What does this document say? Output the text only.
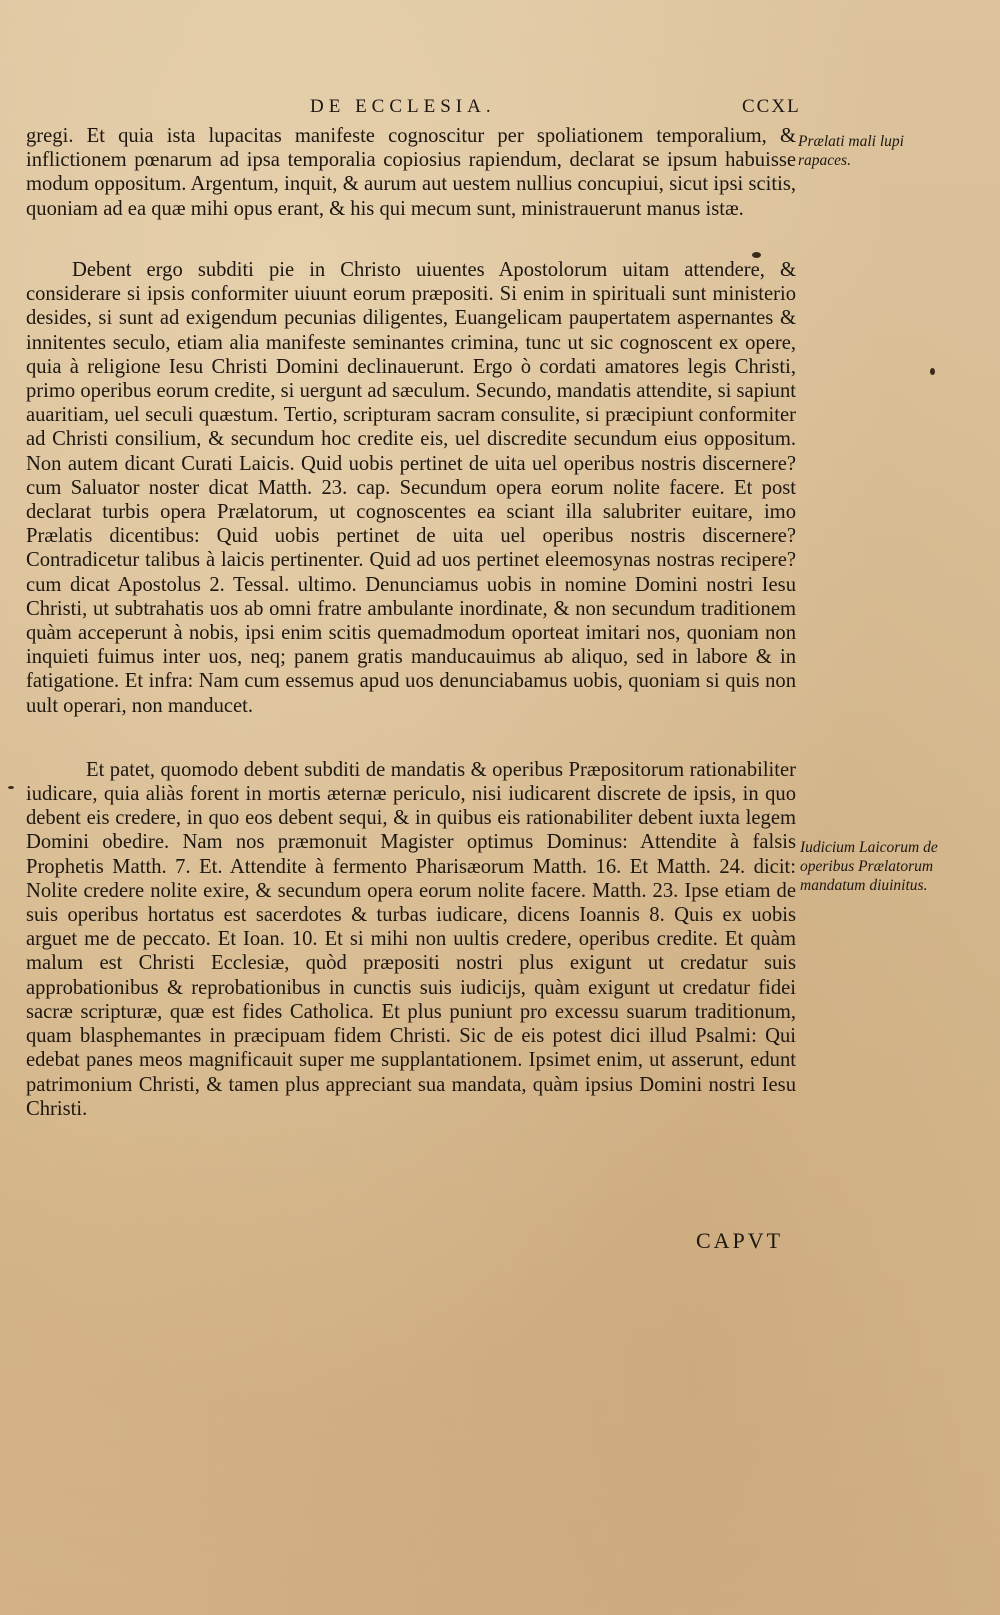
DE ECCLESIA.	CCXL

gregi. Et quia ista lupacitas manifeste cognoscitur per spoliationem temporalium, & inflictionem pœnarum ad ipsa temporalia copiosius rapiendum, declarat se ipsum habuisse modum oppositum. Argentum, inquit, & aurum aut uestem nullius concupiui, sicut ipsi scitis, quoniam ad ea quæ mihi opus erant, & his qui mecum sunt, ministrauerunt manus istæ.

Debent ergo subditi pie in Christo uiuentes Apostolorum uitam attendere, & considerare si ipsis conformiter uiuunt eorum præpositi. Si enim in spirituali sunt ministerio desides, si sunt ad exigendum pecunias diligentes, Euangelicam paupertatem aspernantes & innitentes seculo, etiam alia manifeste seminantes crimina, tunc ut sic cognoscent ex opere, quia à religione Iesu Christi Domini declinauerunt. Ergo ò cordati amatores legis Christi, primo operibus eorum credite, si uergunt ad sæculum. Secundo, mandatis attendite, si sapiunt auaritiam, uel seculi quæstum. Tertio, scripturam sacram consulite, si præcipiunt conformiter ad Christi consilium, & secundum hoc credite eis, uel discredite secundum eius oppositum. Non autem dicant Curati Laicis. Quid uobis pertinet de uita uel operibus nostris discernere? cum Saluator noster dicat Matth. 23. cap. Secundum opera eorum nolite facere. Et post declarat turbis opera Prælatorum, ut cognoscentes ea sciant illa salubriter euitare, imo Prælatis dicentibus: Quid uobis pertinet de uita uel operibus nostris discernere? Contradicetur talibus à laicis pertinenter. Quid ad uos pertinet eleemosynas nostras recipere? cum dicat Apostolus 2. Tessal. ultimo. Denunciamus uobis in nomine Domini nostri Iesu Christi, ut subtrahatis uos ab omni fratre ambulante inordinate, & non secundum traditionem quàm acceperunt à nobis, ipsi enim scitis quemadmodum oporteat imitari nos, quoniam non inquieti fuimus inter uos, neq; panem gratis manducauimus ab aliquo, sed in labore & in fatigatione. Et infra: Nam cum essemus apud uos denunciabamus uobis, quoniam si quis non uult operari, non manducet.

Et patet, quomodo debent subditi de mandatis & operibus Præpositorum rationabiliter iudicare, quia aliàs forent in mortis æternæ periculo, nisi iudicarent discrete de ipsis, in quo debent eis credere, in quo eos debent sequi, & in quibus eis rationabiliter debent iuxta legem Domini obedire. Nam nos præmonuit Magister optimus Dominus: Attendite à falsis Prophetis Matth. 7. Et. Attendite à fermento Pharisæorum Matth. 16. Et Matth. 24. dicit: Nolite credere nolite exire, & secundum opera eorum nolite facere. Matth. 23. Ipse etiam de suis operibus hortatus est sacerdotes & turbas iudicare, dicens Ioannis 8. Quis ex uobis arguet me de peccato. Et Ioan. 10. Et si mihi non uultis credere, operibus credite. Et quàm malum est Christi Ecclesiæ, quòd præpositi nostri plus exigunt ut credatur suis approbationibus & reprobationibus in cunctis suis iudicijs, quàm exigunt ut credatur fidei sacræ scripturæ, quæ est fides Catholica. Et plus puniunt pro excessu suarum traditionum, quam blasphemantes in præcipuam fidem Christi. Sic de eis potest dici illud Psalmi: Qui edebat panes meos magnificauit super me supplantationem. Ipsimet enim, ut asserunt, edunt patrimonium Christi, & tamen plus appreciant sua mandata, quàm ipsius Domini nostri Iesu Christi.

Prælati mali lupi rapaces.
Iudicium Laicorum de operibus Prælatorum mandatum diuinitus.
CAPVT
